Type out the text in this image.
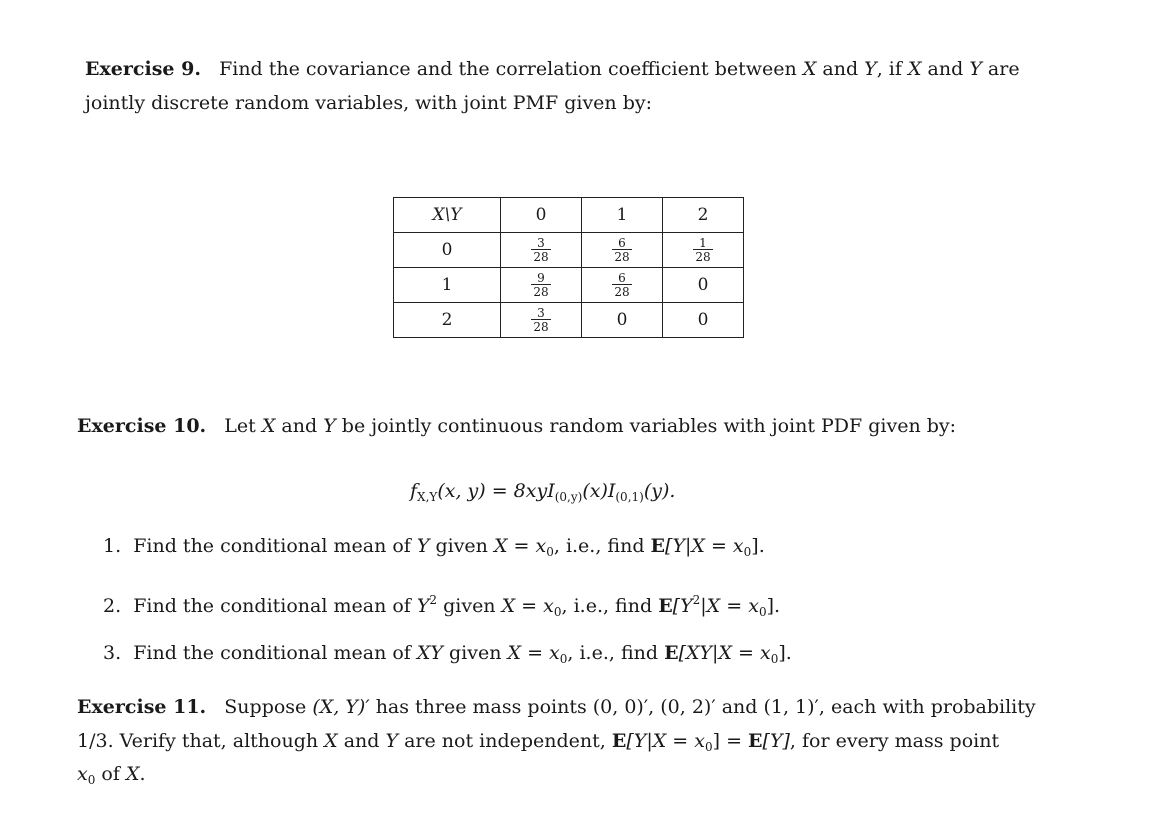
Exercise 9. Find the covariance and the correlation coefficient between X and Y, if X and Y are
jointly discrete random variables, with joint PMF given by:
X\Y	0	1	2
0	$\frac{3}{28}$	$\frac{6}{28}$	$\frac{1}{28}$

1	$\frac{9}{28}$	$\frac{6}{28}$	0
2	$\frac{3}{28}$	0	0
Exercise 10. Let X and Y be jointly continuous random variables with joint PDF given by:
$f_{X,Y}(x$, $y) = 8xyI_{(0,y)}(x)I_{(0,1)}(y)$.
1. Find the conditional mean of Y given $X = x_0$, i.e., find $E[Y|X = x_0]$.
2. Find the conditional mean of $Y^2$ given $X = x_0$, i.e., find $E[Y^2|X = x_0]$.
3. Find the conditional mean of XY given $X = x_0$, i.e., find $E[XY|X = x_0]$.
Exercise 11. Suppose (X, Y)′ has three mass points (0, 0)′, (0, 2)′ and (1, 1)′, each with probability
1/3. Verify that, although X and Y are not independent, $E[Y|X = x_0] = E[Y]$, for every mass point
$x_0$ of X.
